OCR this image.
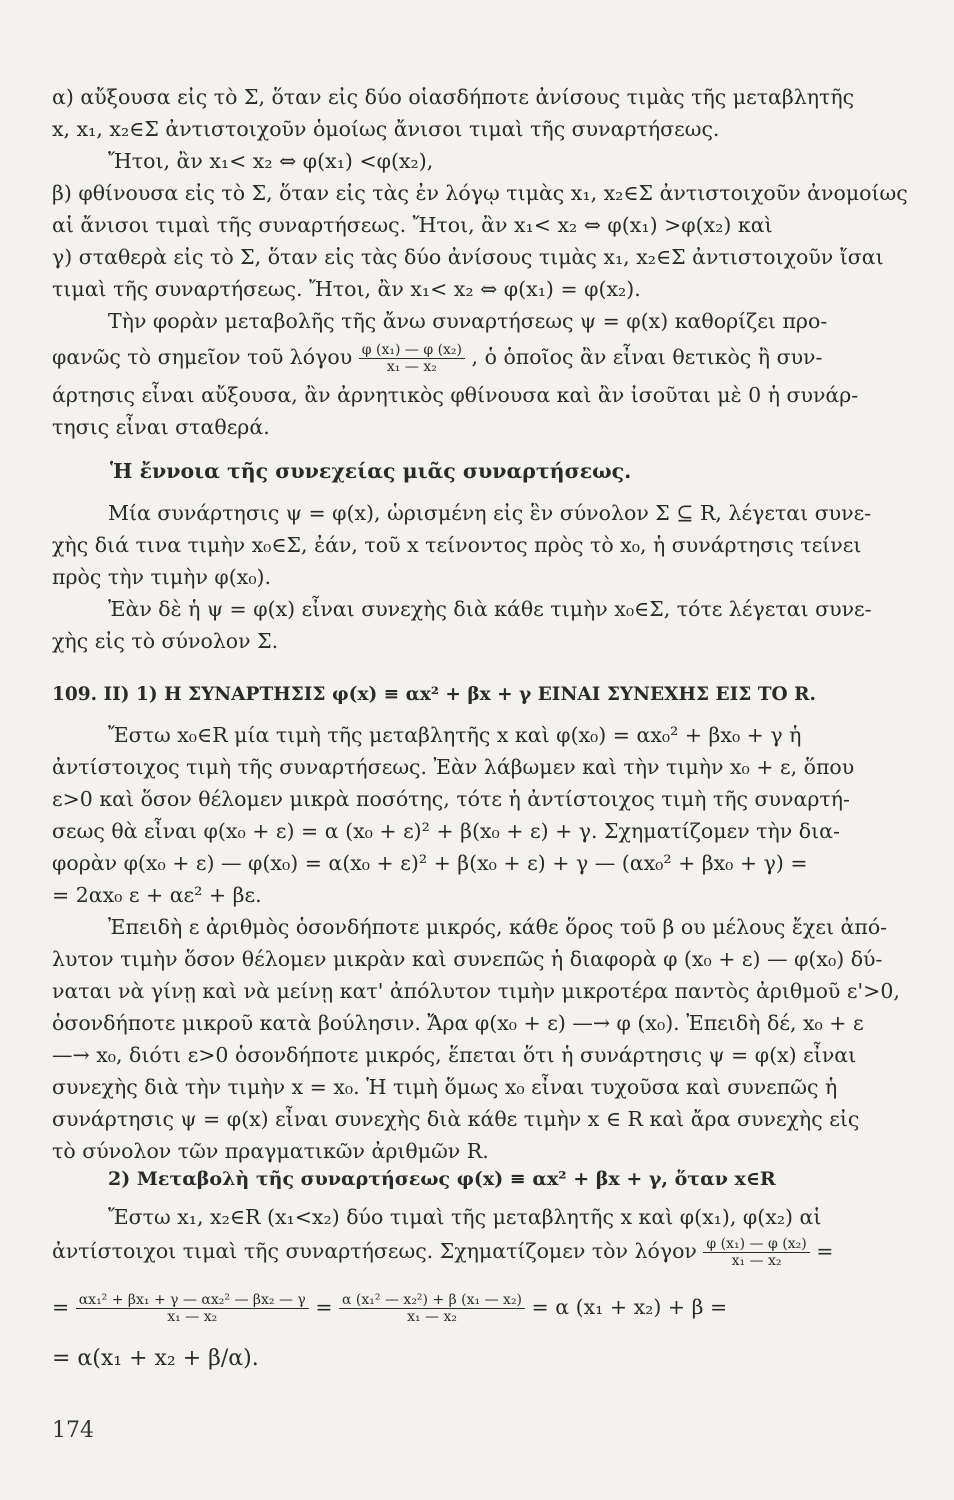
α) αὔξουσα εἰς τὸ Σ, ὅταν εἰς δύο οἱασδήποτε ἀνίσους τιμὰς τῆς μεταβλητῆς
x, x₁, x₂∈Σ ἀντιστοιχοῦν ὁμοίως ἄνισοι τιμαὶ τῆς συναρτήσεως.
Ἤτοι, ἂν x₁< x₂ ⇔ φ(x₁) <φ(x₂),
β) φθίνουσα εἰς τὸ Σ, ὅταν εἰς τὰς ἐν λόγῳ τιμὰς x₁, x₂∈Σ ἀντιστοιχοῦν ἀνομοίως
αἱ ἄνισοι τιμαὶ τῆς συναρτήσεως. Ἤτοι, ἂν x₁< x₂ ⇔ φ(x₁) >φ(x₂) καὶ
γ) σταθερὰ εἰς τὸ Σ, ὅταν εἰς τὰς δύο ἀνίσους τιμὰς x₁, x₂∈Σ ἀντιστοιχοῦν ἴσαι
τιμαὶ τῆς συναρτήσεως. Ἤτοι, ἂν x₁< x₂ ⇔ φ(x₁) = φ(x₂).
Τὴν φορὰν μεταβολῆς τῆς ἄνω συναρτήσεως ψ = φ(x) καθορίζει προ-
φανῶς τὸ σημεῖον τοῦ λόγου $\frac{\text{φ (x₁) — φ (x₂)}}{\text{x₁ — x₂}}$ , ὁ ὁποῖος ἂν εἶναι θετικὸς ἢ συν-
άρτησις εἶναι αὔξουσα, ἂν ἀρνητικὸς φθίνουσα καὶ ἂν ἰσοῦται μὲ 0 ἡ συνάρ-
τησις εἶναι σταθερά.
Ἡ ἔννοια τῆς συνεχείας μιᾶς συναρτήσεως.
Μία συνάρτησις ψ = φ(x), ὡρισμένη εἰς ἓν σύνολον Σ ⊆ R, λέγεται συνε-
χὴς διά τινα τιμὴν x₀∈Σ, ἐάν, τοῦ x τείνοντος πρὸς τὸ x₀, ἡ συνάρτησις τείνει
πρὸς τὴν τιμὴν φ(x₀).
Ἐὰν δὲ ἡ ψ = φ(x) εἶναι συνεχὴς διὰ κάθε τιμὴν x₀∈Σ, τότε λέγεται συνε-
χὴς εἰς τὸ σύνολον Σ.
109. II) 1) Η ΣΥΝΑΡΤΗΣΙΣ φ(x) ≡ αx² + βx + γ ΕΙΝΑΙ ΣΥΝΕΧΗΣ ΕΙΣ ΤΟ R.
Ἔστω x₀∈R μία τιμὴ τῆς μεταβλητῆς x καὶ φ(x₀) = αx₀² + βx₀ + γ ἡ
ἀντίστοιχος τιμὴ τῆς συναρτήσεως. Ἐὰν λάβωμεν καὶ τὴν τιμὴν x₀ + ε, ὅπου
ε>0 καὶ ὅσον θέλομεν μικρὰ ποσότης, τότε ἡ ἀντίστοιχος τιμὴ τῆς συναρτή-
σεως θὰ εἶναι φ(x₀ + ε) = α (x₀ + ε)² + β(x₀ + ε) + γ. Σχηματίζομεν τὴν δια-
φορὰν φ(x₀ + ε) — φ(x₀) = α(x₀ + ε)² + β(x₀ + ε) + γ — (αx₀² + βx₀ + γ) =
= 2αx₀ ε + αε² + βε.
Ἐπειδὴ ε ἀριθμὸς ὁσονδήποτε μικρός, κάθε ὅρος τοῦ β ου μέλους ἔχει ἀπό-
λυτον τιμὴν ὅσον θέλομεν μικρὰν καὶ συνεπῶς ἡ διαφορὰ φ (x₀ + ε) — φ(x₀) δύ-
ναται νὰ γίνῃ καὶ νὰ μείνῃ κατ' ἀπόλυτον τιμὴν μικροτέρα παντὸς ἀριθμοῦ ε'>0,
ὁσονδήποτε μικροῦ κατὰ βούλησιν. Ἄρα φ(x₀ + ε) —→ φ (x₀). Ἐπειδὴ δέ, x₀ + ε
—→ x₀, διότι ε>0 ὁσονδήποτε μικρός, ἕπεται ὅτι ἡ συνάρτησις ψ = φ(x) εἶναι
συνεχὴς διὰ τὴν τιμὴν x = x₀. Ἡ τιμὴ ὅμως x₀ εἶναι τυχοῦσα καὶ συνεπῶς ἡ
συνάρτησις ψ = φ(x) εἶναι συνεχὴς διὰ κάθε τιμὴν x ∈ R καὶ ἄρα συνεχὴς εἰς
τὸ σύνολον τῶν πραγματικῶν ἀριθμῶν R.
2) Μεταβολὴ τῆς συναρτήσεως φ(x) ≡ αx² + βx + γ, ὅταν x∈R
Ἔστω x₁, x₂∈R (x₁<x₂) δύο τιμαὶ τῆς μεταβλητῆς x καὶ φ(x₁), φ(x₂) αἱ
ἀντίστοιχοι τιμαὶ τῆς συναρτήσεως. Σχηματίζομεν τὸν λόγον $\frac{\text{φ (x₁) — φ (x₂)}}{\text{x₁ — x₂}}$ =
= $\frac{\text{αx₁² + βx₁ + γ — αx₂² — βx₂ — γ}}{\text{x₁ — x₂}} = \frac{\text{α (x₁² — x₂²) + β (x₁ — x₂)}}{\text{x₁ — x₂}} = \alpha$ (x₁ + x₂) + β =
= α(x₁ + x₂ + β/α).
174
